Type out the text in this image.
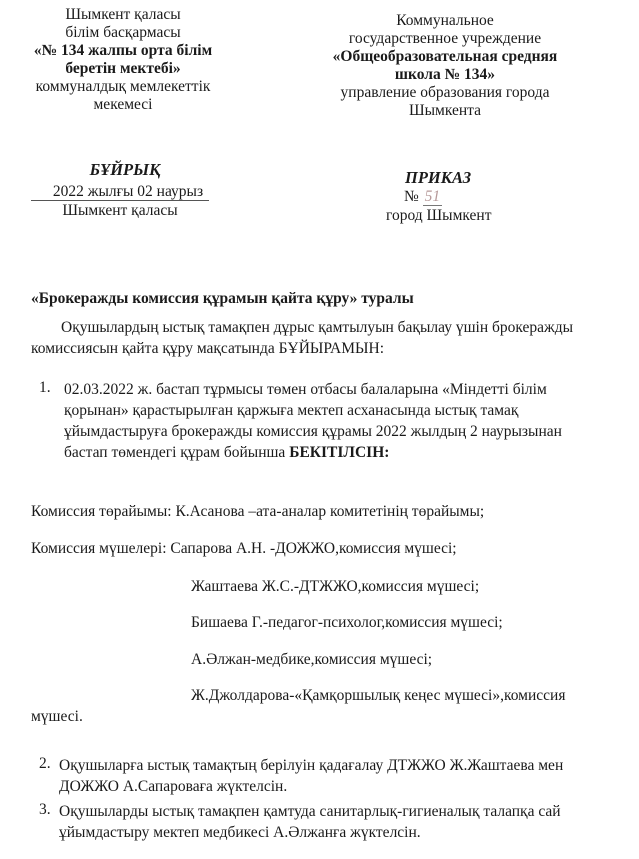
Шымкент қаласы
білім басқармасы
«№ 134 жалпы орта білім
беретін мектебі»
коммуналдық мемлекеттік
мекемесі
Коммунальное
государственное учреждение
«Общеобразовательная средняя
школа № 134»
управление образования города
Шымкента
БҰЙРЫҚ
2022 жылғы 02 наурыз
Шымкент қаласы
ПРИКАЗ
№ 51
город Шымкент
«Брокеражды комиссия құрамын қайта құру» туралы
Оқушылардың ыстық тамақпен дұрыс қамтылуын бақылау үшін брокеражды
комиссиясын қайта құру мақсатында БҰЙЫРАМЫН:
1. 02.03.2022 ж. бастап тұрмысы төмен отбасы балаларына «Міндетті білім
қорынан» қарастырылған қаржыға мектеп асханасында ыстық тамақ
ұйымдастыруға брокеражды комиссия құрамы 2022 жылдың 2 наурызынан
бастап төмендегі құрам бойынша БЕКІТІЛСІН:
Комиссия төрайымы: К.Асанова –ата-аналар комитетінің төрайымы;
Комиссия мүшелері: Сапарова А.Н. -ДОЖЖО,комиссия мүшесі;
Жаштаева Ж.С.-ДТЖЖО,комиссия мүшесі;
Бишаева Г.-педагог-психолог,комиссия мүшесі;
А.Әлжан-медбике,комиссия мүшесі;
Ж.Джолдарова-«Қамқоршылық кеңес мүшесі»,комиссия
мүшесі.
2. Оқушыларға ыстық тамақтың берілуін қадағалау ДТЖЖО Ж.Жаштаева мен
ДОЖЖО А.Сапароваға жүктелсін.
3. Оқушыларды ыстық тамақпен қамтуда санитарлық-гигиеналық талапқа сай
ұйымдастыру мектеп медбикесі А.Әлжанға жүктелсін.
